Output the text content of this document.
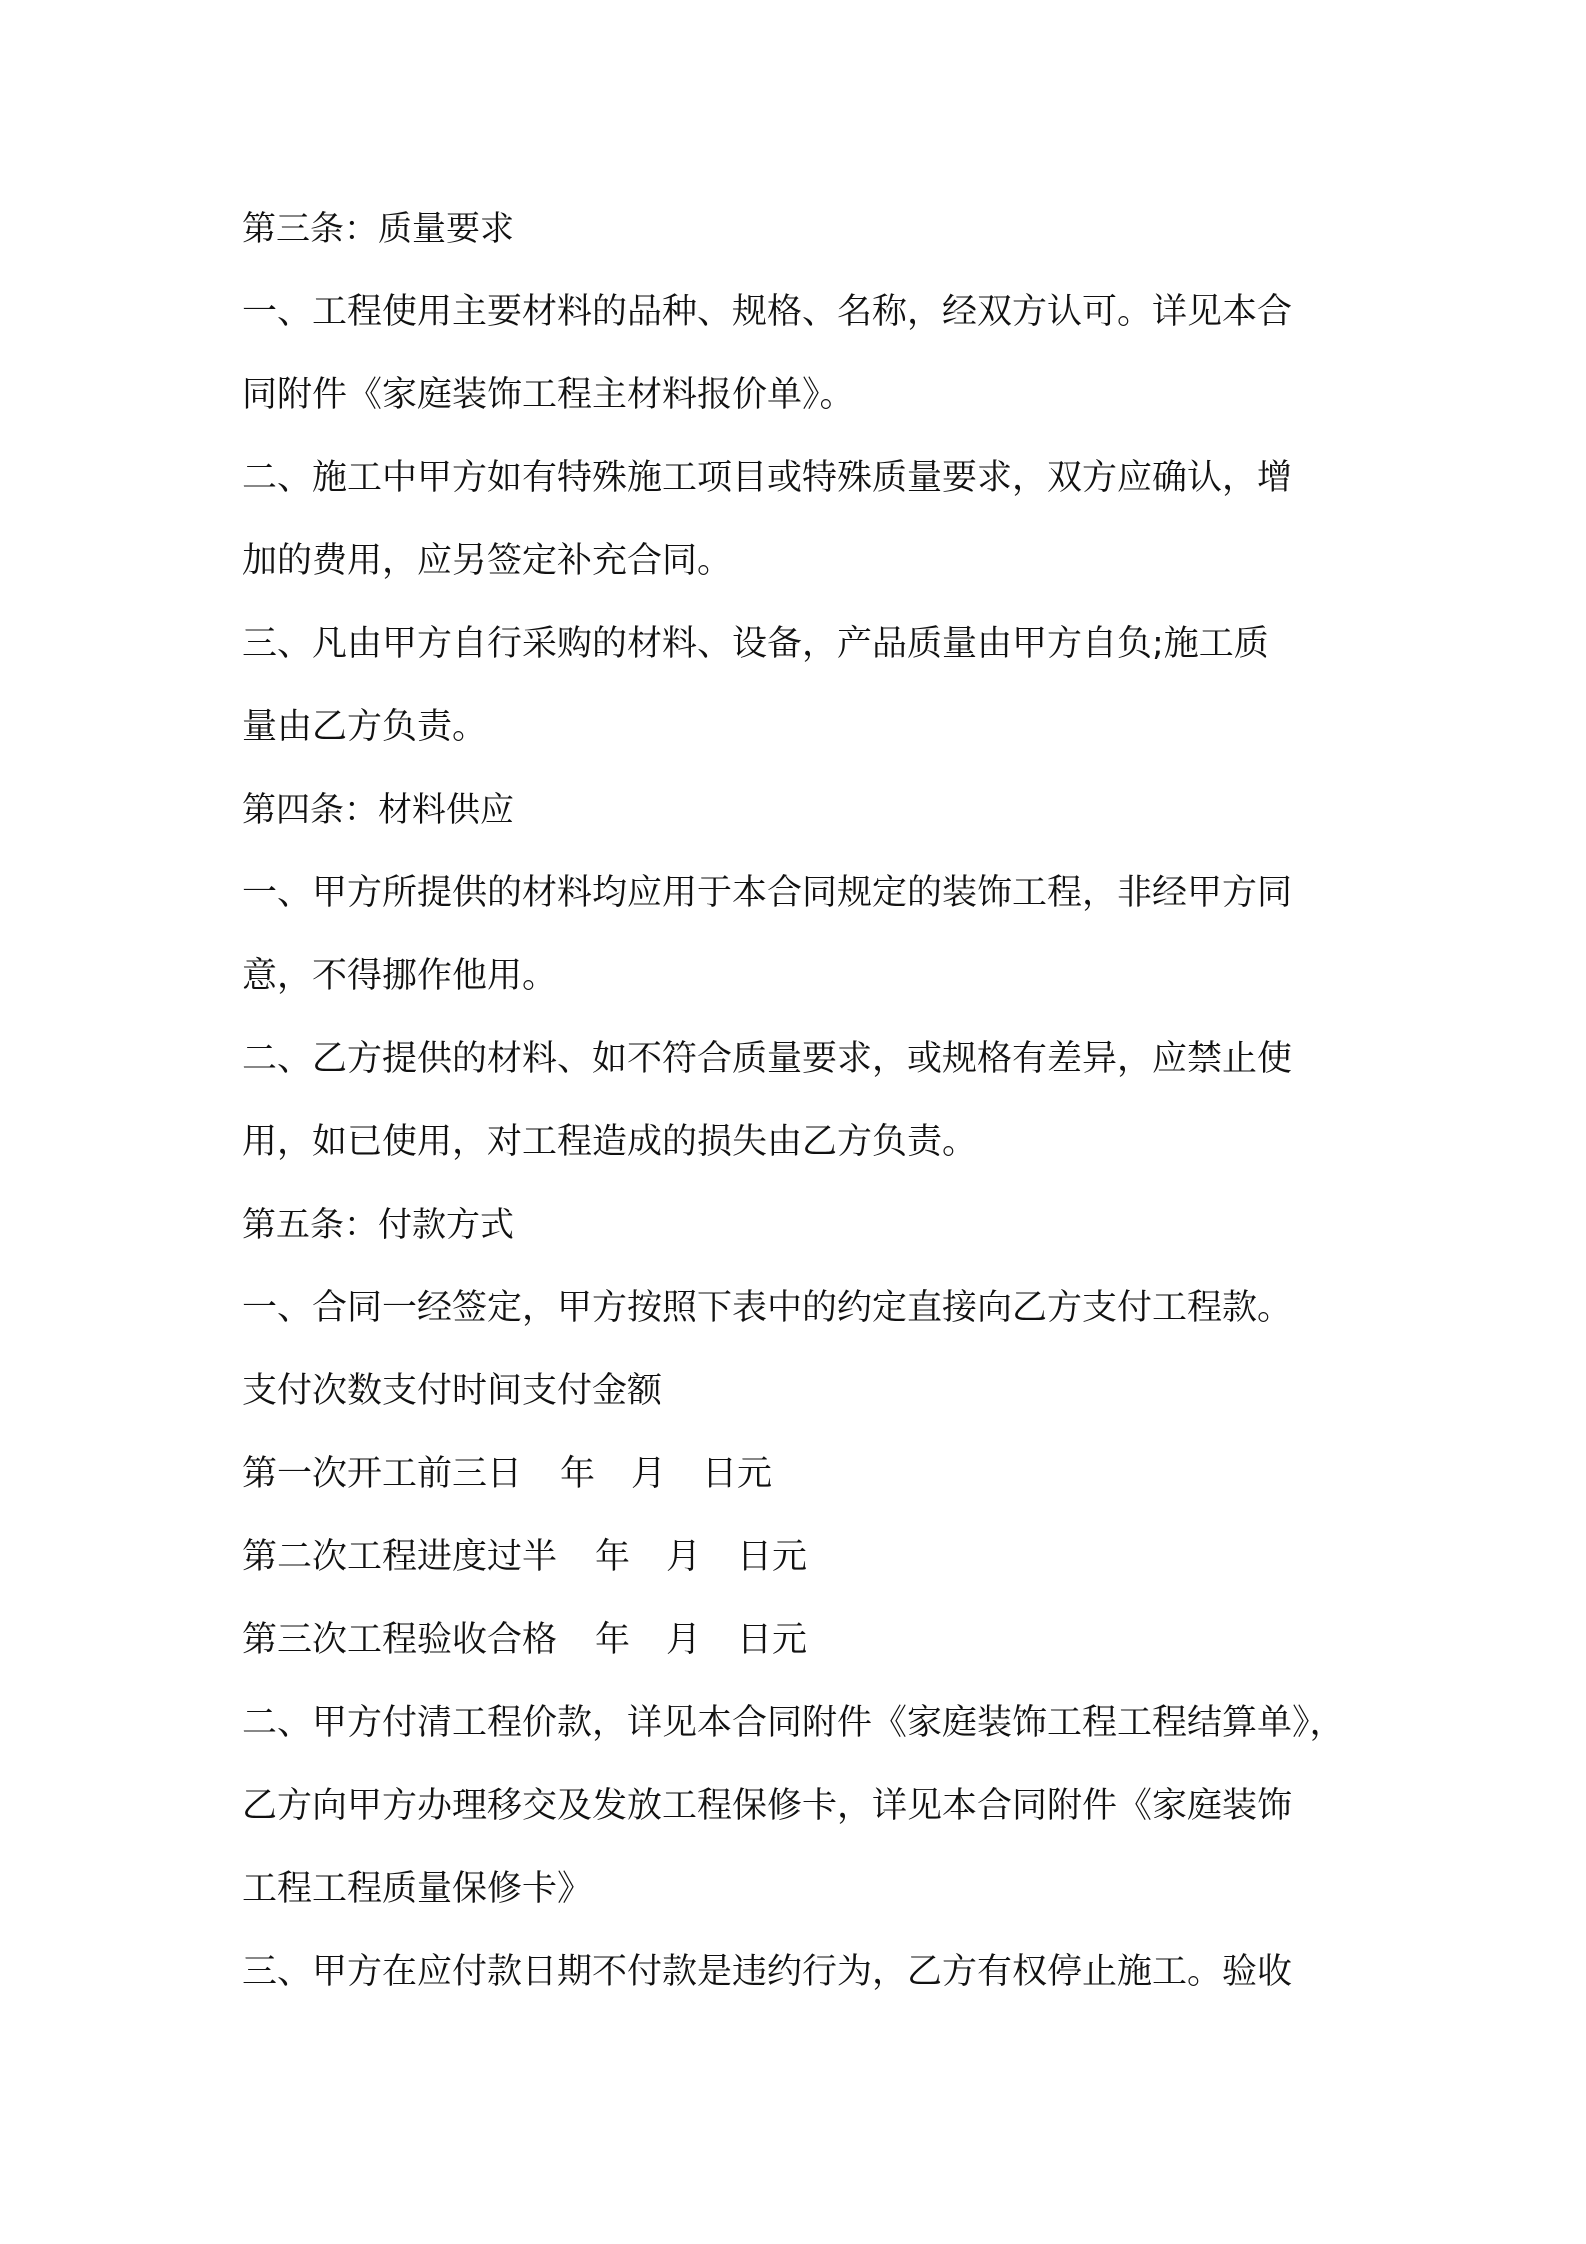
第三条：质量要求
一、工程使用主要材料的品种、规格、名称，经双方认可。详见本合
同附件《家庭装饰工程主材料报价单》。
二、施工中甲方如有特殊施工项目或特殊质量要求，双方应确认，增
加的费用，应另签定补充合同。
三、凡由甲方自行采购的材料、设备，产品质量由甲方自负;施工质
量由乙方负责。
第四条：材料供应
一、甲方所提供的材料均应用于本合同规定的装饰工程，非经甲方同
意，不得挪作他用。
二、乙方提供的材料、如不符合质量要求，或规格有差异，应禁止使
用，如已使用，对工程造成的损失由乙方负责。
第五条：付款方式
一、合同一经签定，甲方按照下表中的约定直接向乙方支付工程款。
支付次数支付时间支付金额
第一次开工前三日 年 月 日元
第二次工程进度过半 年 月 日元
第三次工程验收合格 年 月 日元
二、甲方付清工程价款，详见本合同附件《家庭装饰工程工程结算单》，
乙方向甲方办理移交及发放工程保修卡，详见本合同附件《家庭装饰
工程工程质量保修卡》
三、甲方在应付款日期不付款是违约行为，乙方有权停止施工。验收
